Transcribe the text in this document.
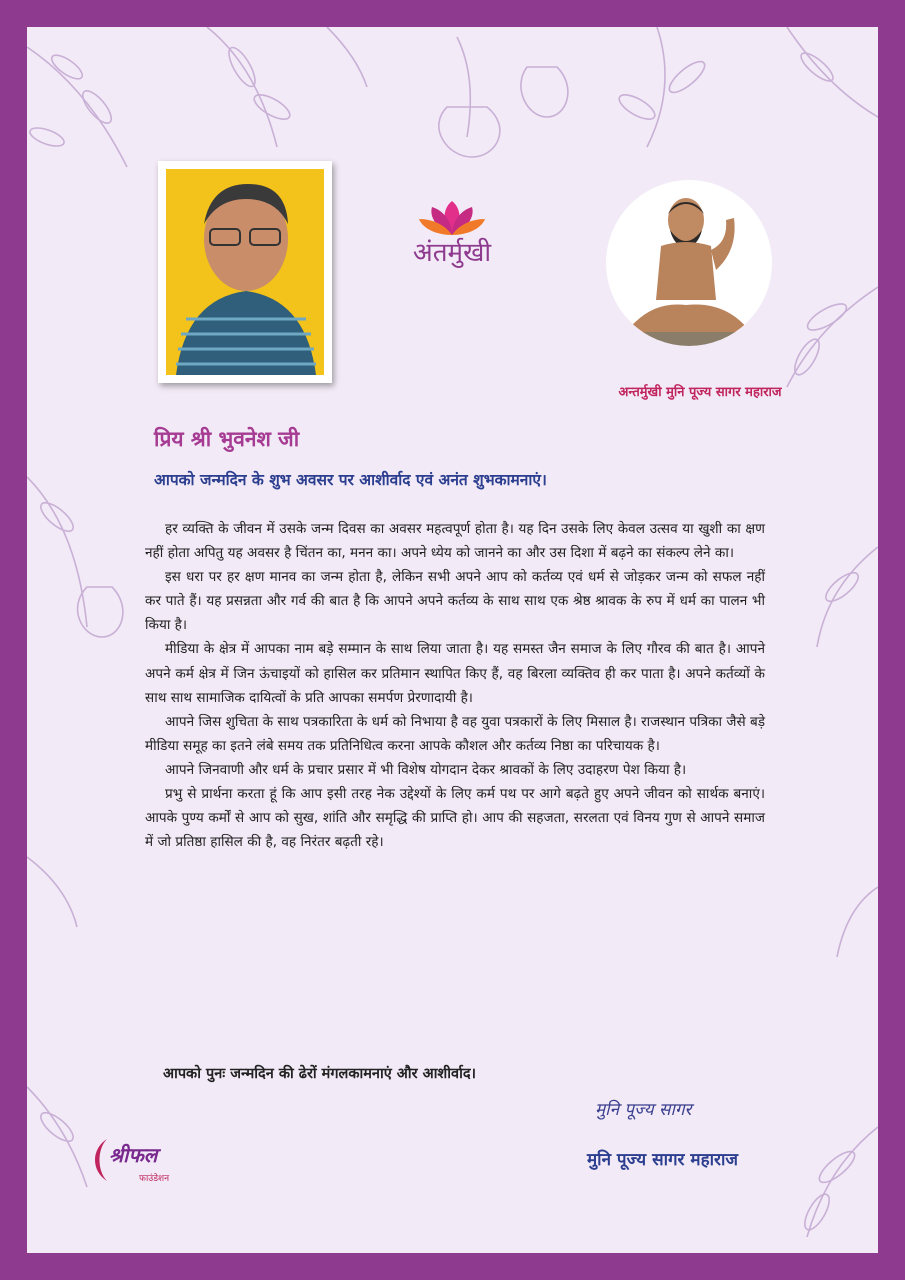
अंतर्मुखी
अन्तर्मुखी मुनि पूज्य सागर महाराज
प्रिय श्री भुवनेश जी
आपको जन्मदिन के शुभ अवसर पर आशीर्वाद एवं अनंत शुभकामनाएं।

हर व्यक्ति के जीवन में उसके जन्म दिवस का अवसर महत्वपूर्ण होता है। यह दिन उसके लिए केवल उत्सव या खुशी का क्षण नहीं होता अपितु यह अवसर है चिंतन का, मनन का। अपने ध्येय को जानने का और उस दिशा में बढ़ने का संकल्प लेने का।

इस धरा पर हर क्षण मानव का जन्म होता है, लेकिन सभी अपने आप को कर्तव्य एवं धर्म से जोड़कर जन्म को सफल नहीं कर पाते हैं। यह प्रसन्नता और गर्व की बात है कि आपने अपने कर्तव्य के साथ साथ एक श्रेष्ठ श्रावक के रुप में धर्म का पालन भी किया है।

मीडिया के क्षेत्र में आपका नाम बड़े सम्मान के साथ लिया जाता है। यह समस्त जैन समाज के लिए गौरव की बात है। आपने अपने कर्म क्षेत्र में जिन ऊंचाइयों को हासिल कर प्रतिमान स्थापित किए हैं, वह बिरला व्यक्तिव ही कर पाता है। अपने कर्तव्यों के साथ साथ सामाजिक दायित्वों के प्रति आपका समर्पण प्रेरणादायी है।

आपने जिस शुचिता के साथ पत्रकारिता के धर्म को निभाया है वह युवा पत्रकारों के लिए मिसाल है। राजस्थान पत्रिका जैसे बड़े मीडिया समूह का इतने लंबे समय तक प्रतिनिधित्व करना आपके कौशल और कर्तव्य निष्ठा का परिचायक है।

आपने जिनवाणी और धर्म के प्रचार प्रसार में भी विशेष योगदान देकर श्रावकों के लिए उदाहरण पेश किया है।

प्रभु से प्रार्थना करता हूं कि आप इसी तरह नेक उद्देश्यों के लिए कर्म पथ पर आगे बढ़ते हुए अपने जीवन को सार्थक बनाएं। आपके पुण्य कर्मों से आप को सुख, शांति और समृद्धि की प्राप्ति हो। आप की सहजता, सरलता एवं विनय गुण से आपने समाज में जो प्रतिष्ठा हासिल की है, वह निरंतर बढ़ती रहे।

आपको पुनः जन्मदिन की ढेरों मंगलकामनाएं और आशीर्वाद।
मुनि पूज्य सागर
मुनि पूज्य सागर महाराज
श्रीफल
फाउंडेशन
